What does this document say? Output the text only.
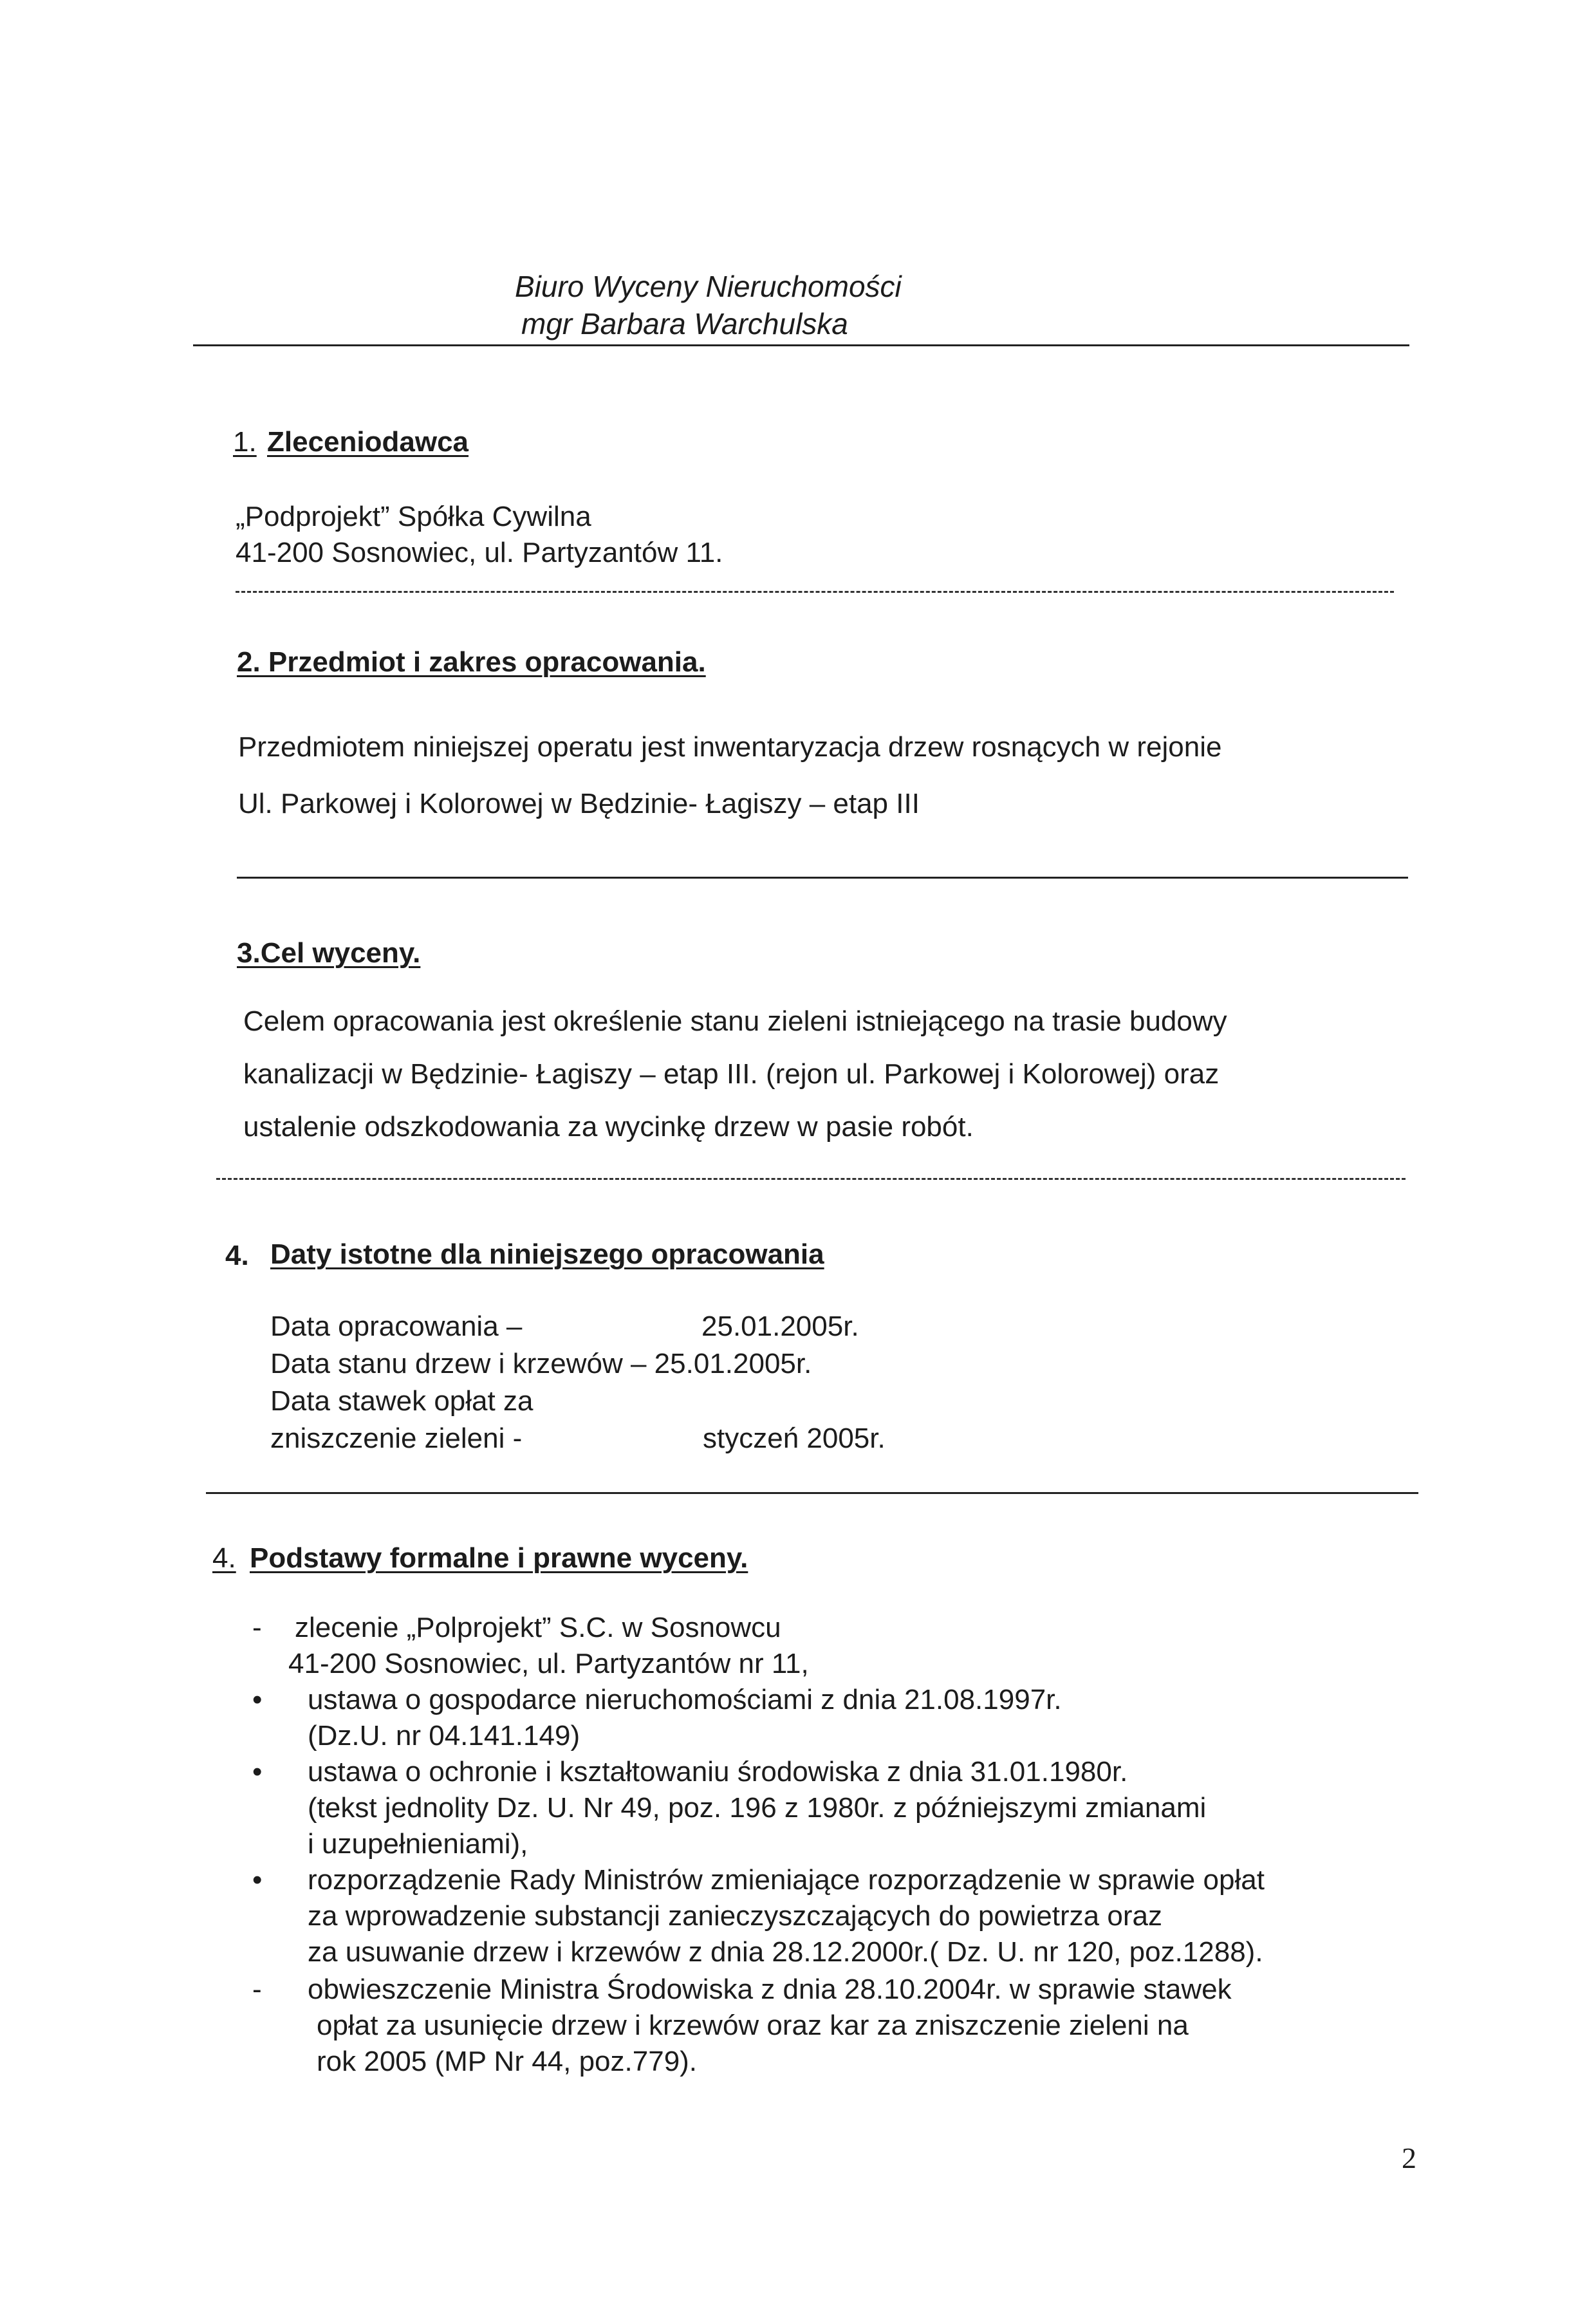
Biuro Wyceny Nieruchomości
mgr Barbara Warchulska
1. Zleceniodawca
„Podprojekt” Spółka Cywilna
41-200 Sosnowiec, ul. Partyzantów 11.
2. Przedmiot i zakres opracowania.
Przedmiotem niniejszej operatu jest inwentaryzacja drzew rosnących w rejonie
Ul. Parkowej i Kolorowej w Będzinie- Łagiszy – etap III
3.Cel wyceny.
Celem opracowania jest określenie stanu zieleni istniejącego na trasie budowy
kanalizacji w Będzinie- Łagiszy – etap III. (rejon ul. Parkowej i Kolorowej) oraz
ustalenie odszkodowania za wycinkę drzew w pasie robót.
4. Daty istotne dla niniejszego opracowania
Data opracowania –	25.01.2005r.
Data stanu drzew i krzewów – 25.01.2005r.
Data stawek opłat za
zniszczenie zieleni -	styczeń 2005r.
4. Podstawy formalne i prawne wyceny.
- zlecenie „Polprojekt” S.C. w Sosnowcu
41-200 Sosnowiec, ul. Partyzantów nr 11,
• ustawa o gospodarce nieruchomościami z dnia 21.08.1997r.
(Dz.U. nr 04.141.149)
• ustawa o ochronie i kształtowaniu środowiska z dnia 31.01.1980r.
(tekst jednolity Dz. U. Nr 49, poz. 196 z 1980r. z późniejszymi zmianami
i uzupełnieniami),
• rozporządzenie Rady Ministrów zmieniające rozporządzenie w sprawie opłat
za wprowadzenie substancji zanieczyszczających do powietrza oraz
za usuwanie drzew i krzewów z dnia 28.12.2000r.( Dz. U. nr 120, poz.1288).
- obwieszczenie Ministra Środowiska z dnia 28.10.2004r. w sprawie stawek
opłat za usunięcie drzew i krzewów oraz kar za zniszczenie zieleni na
rok 2005 (MP Nr 44, poz.779).
2
